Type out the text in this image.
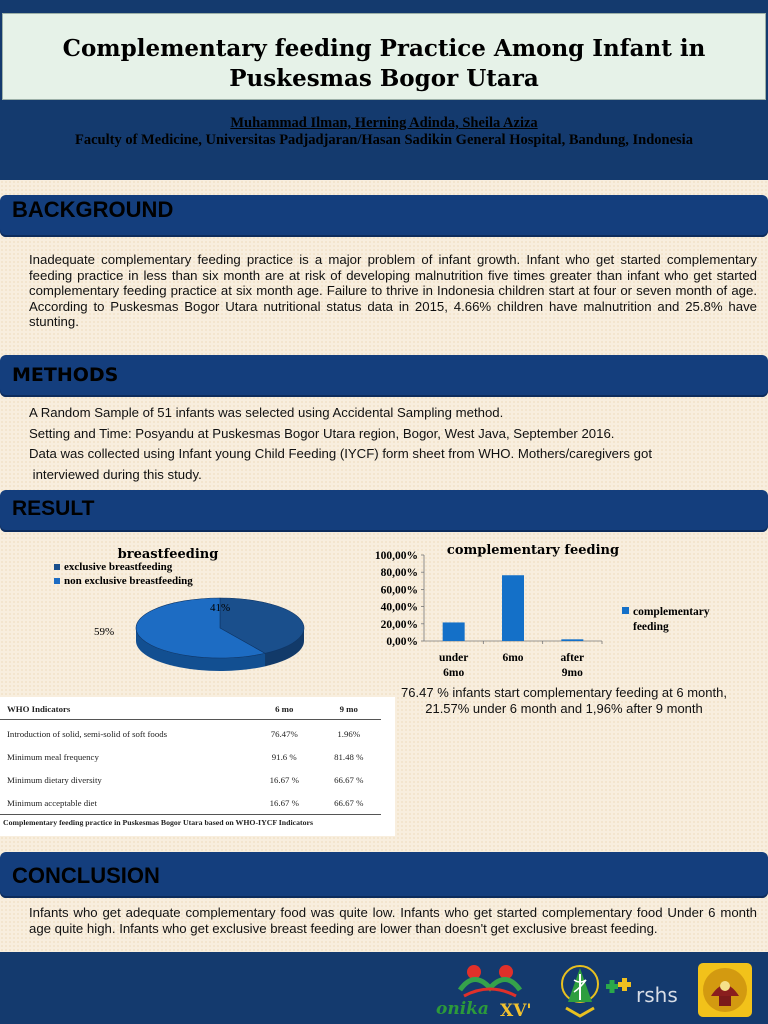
Complementary feeding Practice Among Infant in
Puskesmas Bogor Utara
Muhammad Ilman, Herning Adinda, Sheila Aziza
Faculty of Medicine, Universitas Padjadjaran/Hasan Sadikin General Hospital, Bandung, Indonesia
BACKGROUND
Inadequate complementary feeding practice is a major problem of infant growth. Infant who get started complementary feeding practice in less than six month are at risk of developing malnutrition five times greater than infant who get started complementary feeding practice at six month age. Failure to thrive in Indonesia children start at four or seven month of age. According to Puskesmas Bogor Utara nutritional status data in 2015, 4.66% children have malnutrition and 25.8% have stunting.
METHODS

A Random Sample of 51 infants was selected using Accidental Sampling method.

Setting and Time: Posyandu at Puskesmas Bogor Utara region, Bogor, West Java, September 2016.

Data was collected using Infant young Child Feeding (IYCF) form sheet from WHO. Mothers/caregivers got

interviewed during this study.

RESULT
breastfeeding
exclusive breastfeeding
non exclusive breastfeeding
41%
59%
complementary feeding
0,00%
20,00%
40,00%
60,00%
80,00%
100,00%
under 6mo
6mo	after 9mo
complementary feeding
76.47 % infants start complementary feeding at 6 month,
21.57% under 6 month and 1,96% after 9 month
WHO Indicators	6 mo	9 mo
Introduction of solid, semi-solid of soft foods	76.47%	1.96%
Minimum meal frequency	91.6 %	81.48 %
Minimum dietary diversity	16.67 %	66.67 %
Minimum acceptable diet	16.67 %	66.67 %
Complementary feeding practice in Puskesmas Bogor Utara based on WHO-IYCF Indicators
CONCLUSION
Infants who get adequate complementary food was quite low. Infants who get started complementary food Under 6 month age quite high. Infants who get exclusive breast feeding are lower than doesn't get exclusive breast feeding.
onika XV'
rshs
